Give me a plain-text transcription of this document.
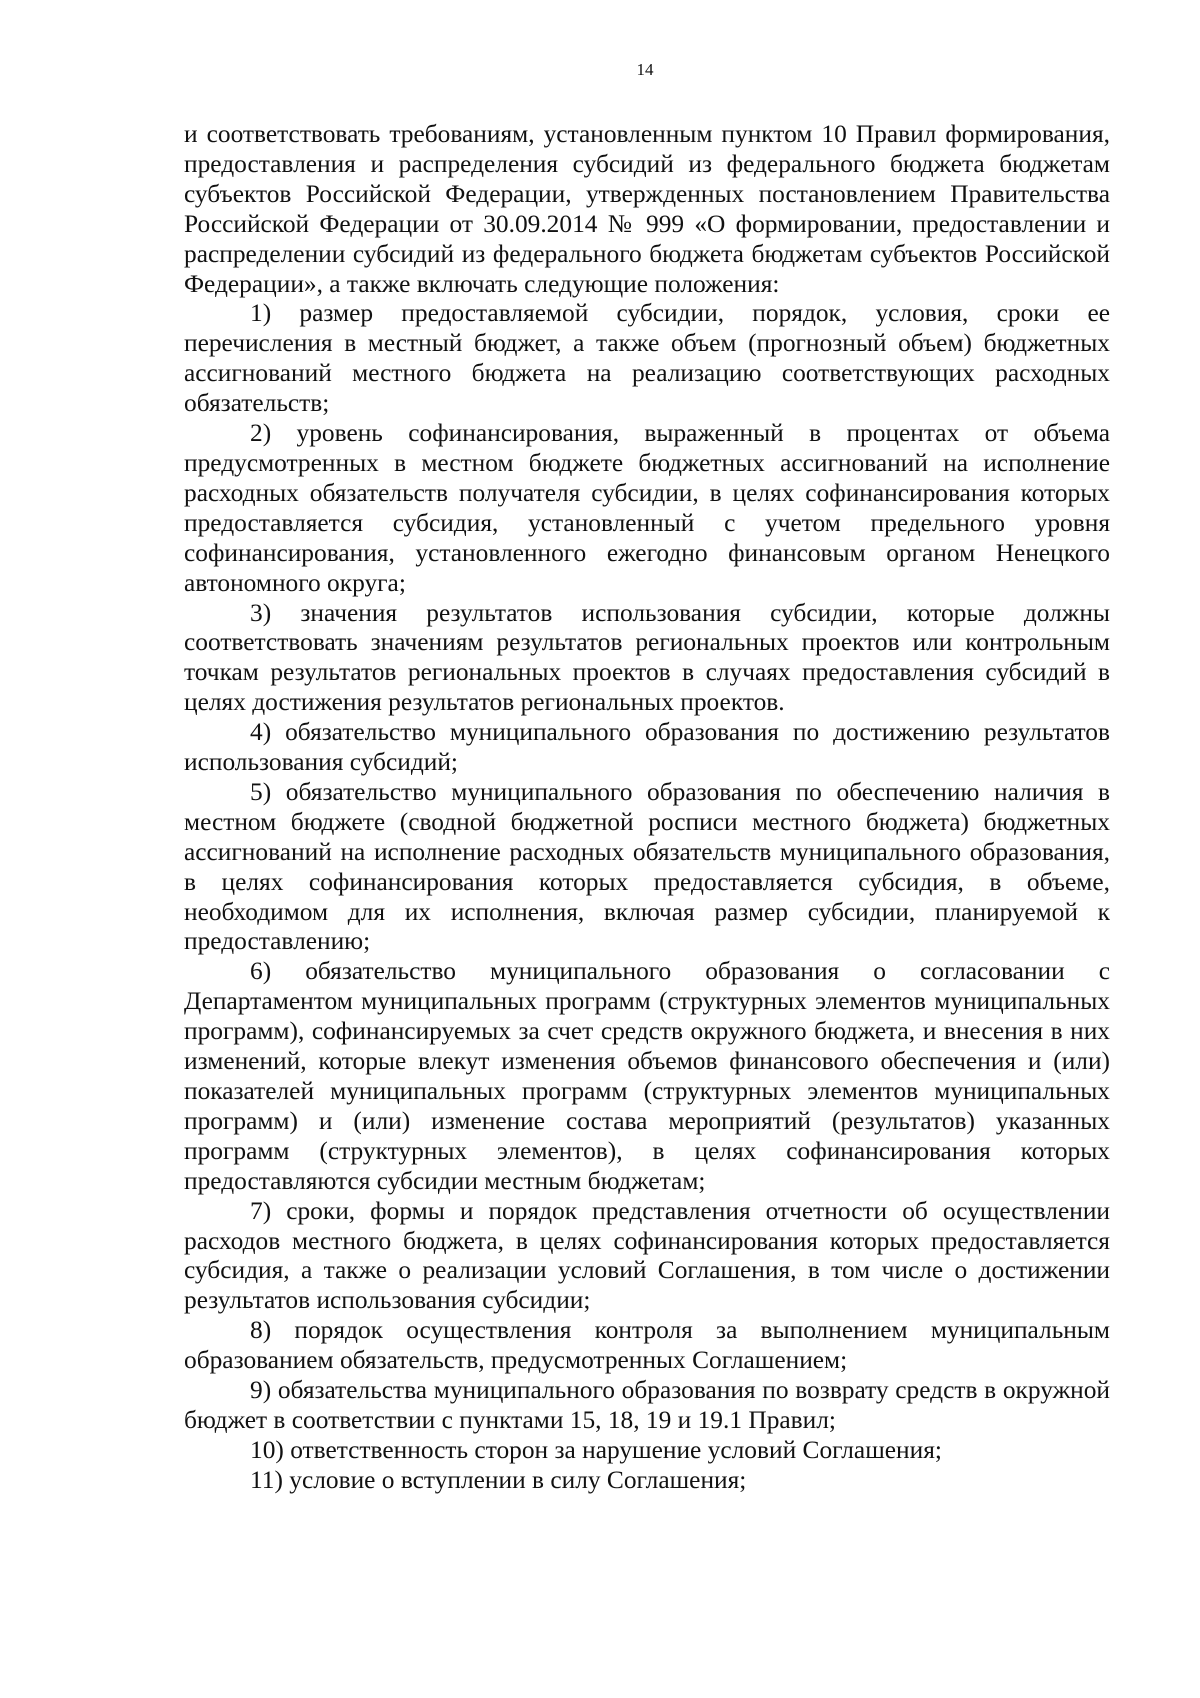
14

и соответствовать требованиям, установленным пунктом 10 Правил формирования, предоставления и распределения субсидий из федерального бюджета бюджетам субъектов Российской Федерации, утвержденных постановлением Правительства Российской Федерации от 30.09.2014 № 999 «О формировании, предоставлении и распределении субсидий из федерального бюджета бюджетам субъектов Российской Федерации», а также включать следующие положения:

1) размер предоставляемой субсидии, порядок, условия, сроки ее перечисления в местный бюджет, а также объем (прогнозный объем) бюджетных ассигнований местного бюджета на реализацию соответствующих расходных обязательств;

2) уровень софинансирования, выраженный в процентах от объема предусмотренных в местном бюджете бюджетных ассигнований на исполнение расходных обязательств получателя субсидии, в целях софинансирования которых предоставляется субсидия, установленный с учетом предельного уровня софинансирования, установленного ежегодно финансовым органом Ненецкого автономного округа;

3) значения результатов использования субсидии, которые должны соответствовать значениям результатов региональных проектов или контрольным точкам результатов региональных проектов в случаях предоставления субсидий в целях достижения результатов региональных проектов.

4) обязательство муниципального образования по достижению результатов использования субсидий;

5) обязательство муниципального образования по обеспечению наличия в местном бюджете (сводной бюджетной росписи местного бюджета) бюджетных ассигнований на исполнение расходных обязательств муниципального образования, в целях софинансирования которых предоставляется субсидия, в объеме, необходимом для их исполнения, включая размер субсидии, планируемой к предоставлению;

6) обязательство муниципального образования о согласовании с Департаментом муниципальных программ (структурных элементов муниципальных программ), софинансируемых за счет средств окружного бюджета, и внесения в них изменений, которые влекут изменения объемов финансового обеспечения и (или) показателей муниципальных программ (структурных элементов муниципальных программ) и (или) изменение состава мероприятий (результатов) указанных программ (структурных элементов), в целях софинансирования которых предоставляются субсидии местным бюджетам;

7) сроки, формы и порядок представления отчетности об осуществлении расходов местного бюджета, в целях софинансирования которых предоставляется субсидия, а также о реализации условий Соглашения, в том числе о достижении результатов использования субсидии;

8) порядок осуществления контроля за выполнением муниципальным образованием обязательств, предусмотренных Соглашением;

9) обязательства муниципального образования по возврату средств в окружной бюджет в соответствии с пунктами 15, 18, 19 и 19.1 Правил;

10) ответственность сторон за нарушение условий Соглашения;

11) условие о вступлении в силу Соглашения;
